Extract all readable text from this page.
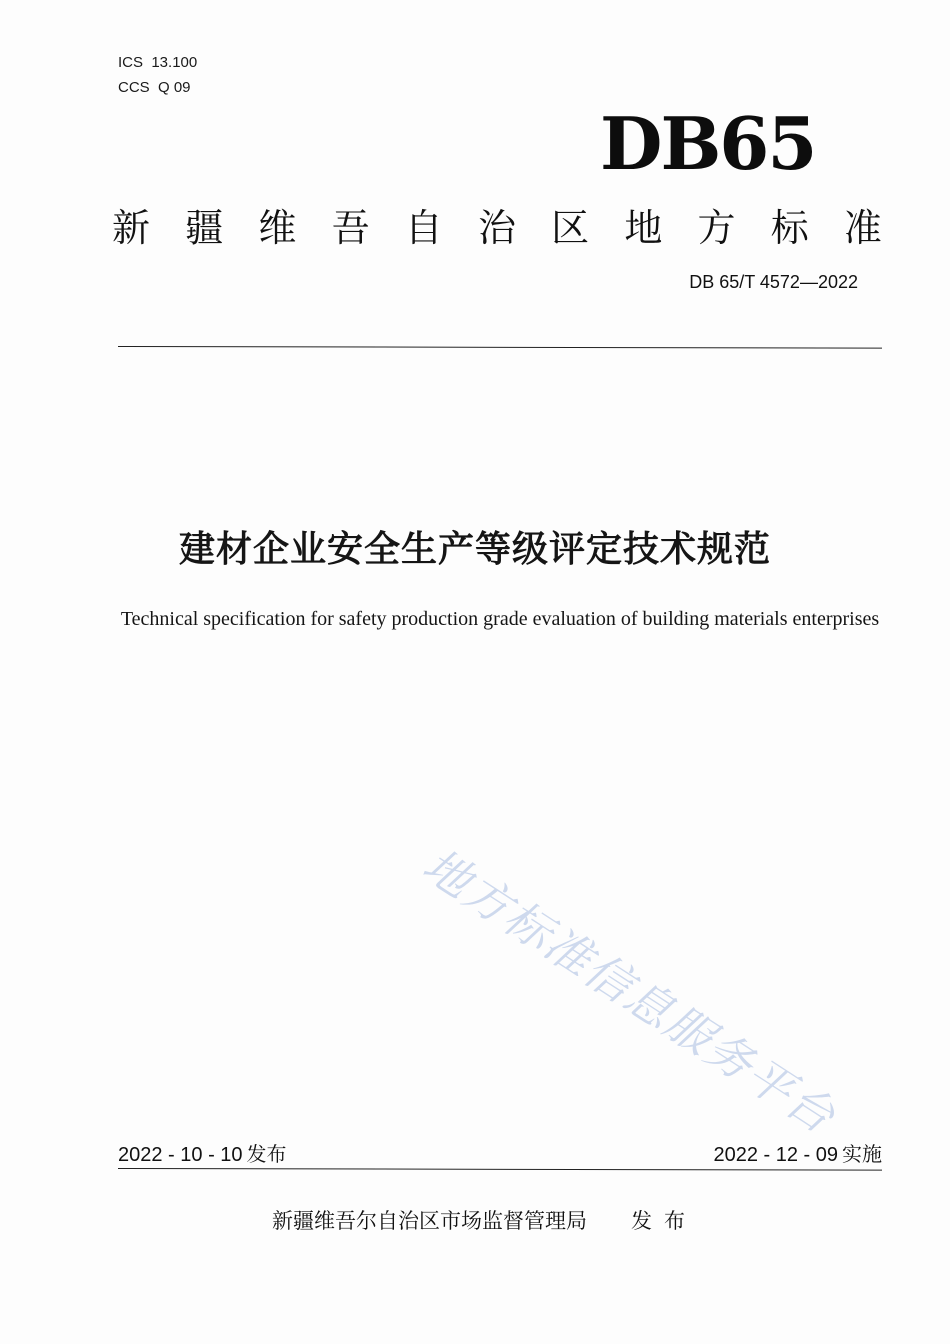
ICS  13.100
CCS  Q 09
DB65
新 疆 维 吾 自 治 区 地 方 标 准
DB 65/T 4572—2022
建材企业安全生产等级评定技术规范
Technical specification for safety production grade evaluation of building materials enterprises
地方标准信息服务平台
2022 - 10 - 10 发布	2022 - 12 - 09 实施
新疆维吾尔自治区市场监督管理局 发布
